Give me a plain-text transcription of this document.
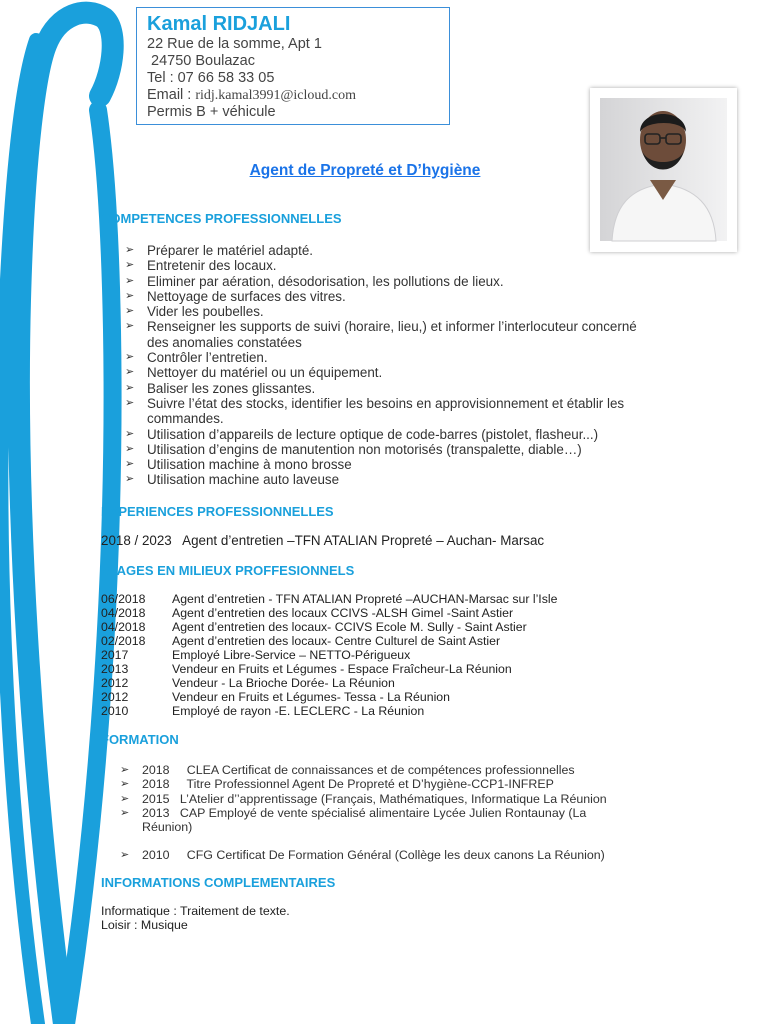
Kamal RIDJALI
22 Rue de la somme, Apt 1
24750 Boulazac
Tel : 07 66 58 33 05
Email : ridj.kamal3991@icloud.com
Permis B + véhicule
Agent de Propreté et D’hygiène
COMPETENCES PROFESSIONNELLES
➢ Préparer le matériel adapté.
➢ Entretenir des locaux.
➢ Eliminer par aération, désodorisation, les pollutions de lieux.
➢ Nettoyage de surfaces des vitres.
➢ Vider les poubelles.
➢ Renseigner les supports de suivi (horaire, lieu,) et informer l’interlocuteur concerné des anomalies constatées
➢ Contrôler l’entretien.
➢ Nettoyer du matériel ou un équipement.
➢ Baliser les zones glissantes.
➢ Suivre l’état des stocks, identifier les besoins en approvisionnement et établir les commandes.
➢ Utilisation d’appareils de lecture optique de code-barres (pistolet, flasheur...)
➢ Utilisation d’engins de manutention non motorisés (transpalette, diable…)
➢ Utilisation machine à mono brosse
➢ Utilisation machine auto laveuse
EXPERIENCES PROFESSIONNELLES
2018 / 2023   Agent d’entretien –TFN ATALIAN Propreté – Auchan- Marsac
STAGES EN MILIEUX PROFFESIONNELS
06/2018 Agent d’entretien - TFN ATALIAN Propreté –AUCHAN-Marsac sur l’Isle
04/2018 Agent d’entretien des locaux CCIVS -ALSH Gimel -Saint Astier
04/2018 Agent d’entretien des locaux- CCIVS Ecole M. Sully - Saint Astier
02/2018 Agent d’entretien des locaux- Centre Culturel de Saint Astier
2017	Employé Libre-Service – NETTO-Périgueux
2013	Vendeur en Fruits et Légumes - Espace Fraîcheur-La Réunion
2012	Vendeur - La Brioche Dorée- La Réunion
2012	Vendeur en Fruits et Légumes- Tessa - La Réunion
2010	Employé de rayon -E. LECLERC - La Réunion
FORMATION
➢ 2018     CLEA Certificat de connaissances et de compétences professionnelles
➢ 2018     Titre Professionnel Agent De Propreté et D’hygiène-CCP1-INFREP
➢ 2015   L’Atelier d’’apprentissage (Français, Mathématiques, Informatique La Réunion
➢ 2013   CAP Employé de vente spécialisé alimentaire Lycée Julien Rontaunay (La Réunion)
➢ 2010     CFG Certificat De Formation Général (Collège les deux canons La Réunion)
INFORMATIONS COMPLEMENTAIRES
Informatique : Traitement de texte.
Loisir : Musique
